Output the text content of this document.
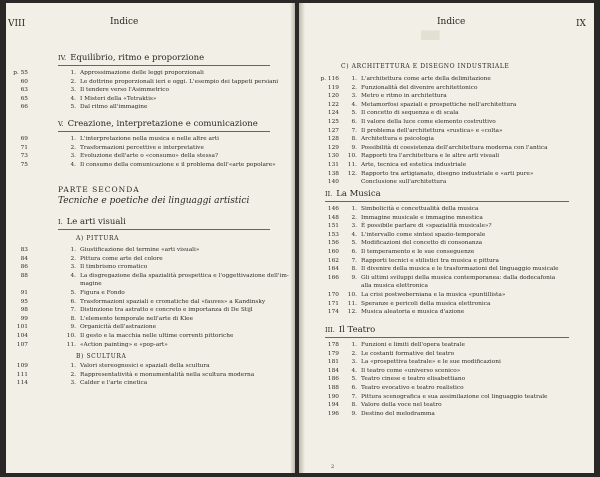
VIII	Indice
IV. Equilibrio, ritmo e proporzione
p. 55	1. Approssimazione delle leggi proporzionali
60	2. Le dottrine proporzionali ieri e oggi. L'esempio dei tappeti persiani
63	3. Il tendere verso l'Asimmetrico
65	4. I Misteri della «Tetraktis»
66	5. Dal ritmo all'immagine
V. Creazione, interpretazione e comunicazione
69	1. L'interpretazione nella musica e nelle altre arti
71	2. Trasformazioni percettive e interpretative
73	3. Evoluzione dell'arte o «consumo» della stessa?
75	4. Il consumo della comunicazione e il problema dell'«arte popolare»
PARTE SECONDA
Tecniche e poetiche dei linguaggi artistici
I. Le arti visuali
A) PITTURA
83	1. Giustificazione del termine «arti visuali»
84	2. Pittura come arte del colore
86	3. Il timbrismo cromatico
88	4. La disgregazione della spazialità prospettica e l'oggettivazione dell'im-
magine
91	5. Figura e Fondo
95	6. Trasformazioni spaziali e cromatiche dal «fauves» a Kandinsky
98	7. Distinzione tra astratto e concreto e importanza di De Stijl
99	8. L'elemento temporale nell'arte di Klee
101	9. Organicità dell'astrazione
104	10. Il gesto e la macchia nelle ultime correnti pittoriche
107	11. «Action painting» e «pop-art»
B) SCULTURA
109	1. Valori stereognosici e spaziali della scultura
111	2. Rappresentatività e monumentalità nella scultura moderna
114	3. Calder e l'arte cinetica
███
Indice	IX
C) ARCHITETTURA E DISEGNO INDUSTRIALE
p. 116	1. L'architettura come arte della delimitazione
119	2. Funzionalità del divenire architettonico
120	3. Metro e ritmo in architettura
122	4. Metamorfosi spaziali e prospettiche nell'architettura
124	5. Il concetto di sequenza e di scala
125	6. Il valore della luce come elemento costruttivo
127	7. Il problema dell'architettura «rustica» e «colta»
128	8. Architettura e psicologia
129	9. Possibilità di coesistenza dell'architettura moderna con l'antica
130	10. Rapporti tra l'architettura e le altre arti visuali
131	11. Arte, tecnica ed estetica industriale
138	12. Rapporto tra artigianato, disegno industriale e «arti pure»
140	Conclusione sull'architettura
II. La Musica
146	1. Simbolicità e concettualità della musica
148	2. Immagine musicale e immagine mnestica
151	3. È possibile parlare di «spazialità musicale»?
153	4. L'intervallo come sintesi spazio-temporale
156	5. Modificazioni del concetto di consonanza
160	6. Il temperamento e le sue conseguenze
162	7. Rapporti tecnici e stilistici tra musica e pittura
164	8. Il divenire della musica e le trasformazioni del linguaggio musicale
166	9. Gli ultimi sviluppi della musica contemporanea: dalla dodecafonia
alla musica elettronica
170	10. La crisi postweberniana e la musica «puntillista»
171	11. Speranze e pericoli della musica elettronica
174	12. Musica aleatoria e musica d'azione
III. Il Teatro
178	1. Funzioni e limiti dell'opera teatrale
179	2. Le costanti formative del teatro
181	3. La «prospettiva teatrale» e le sue modificazioni
184	4. Il teatro come «universo scenico»
186	5. Teatro cinese e teatro elisabettiano
188	6. Teatro evocativo e teatro realistico
190	7. Pittura scenografica e sua assimilazione col linguaggio teatrale
194	8. Valore della voce nel teatro
196	9. Destino del melodramma
2
